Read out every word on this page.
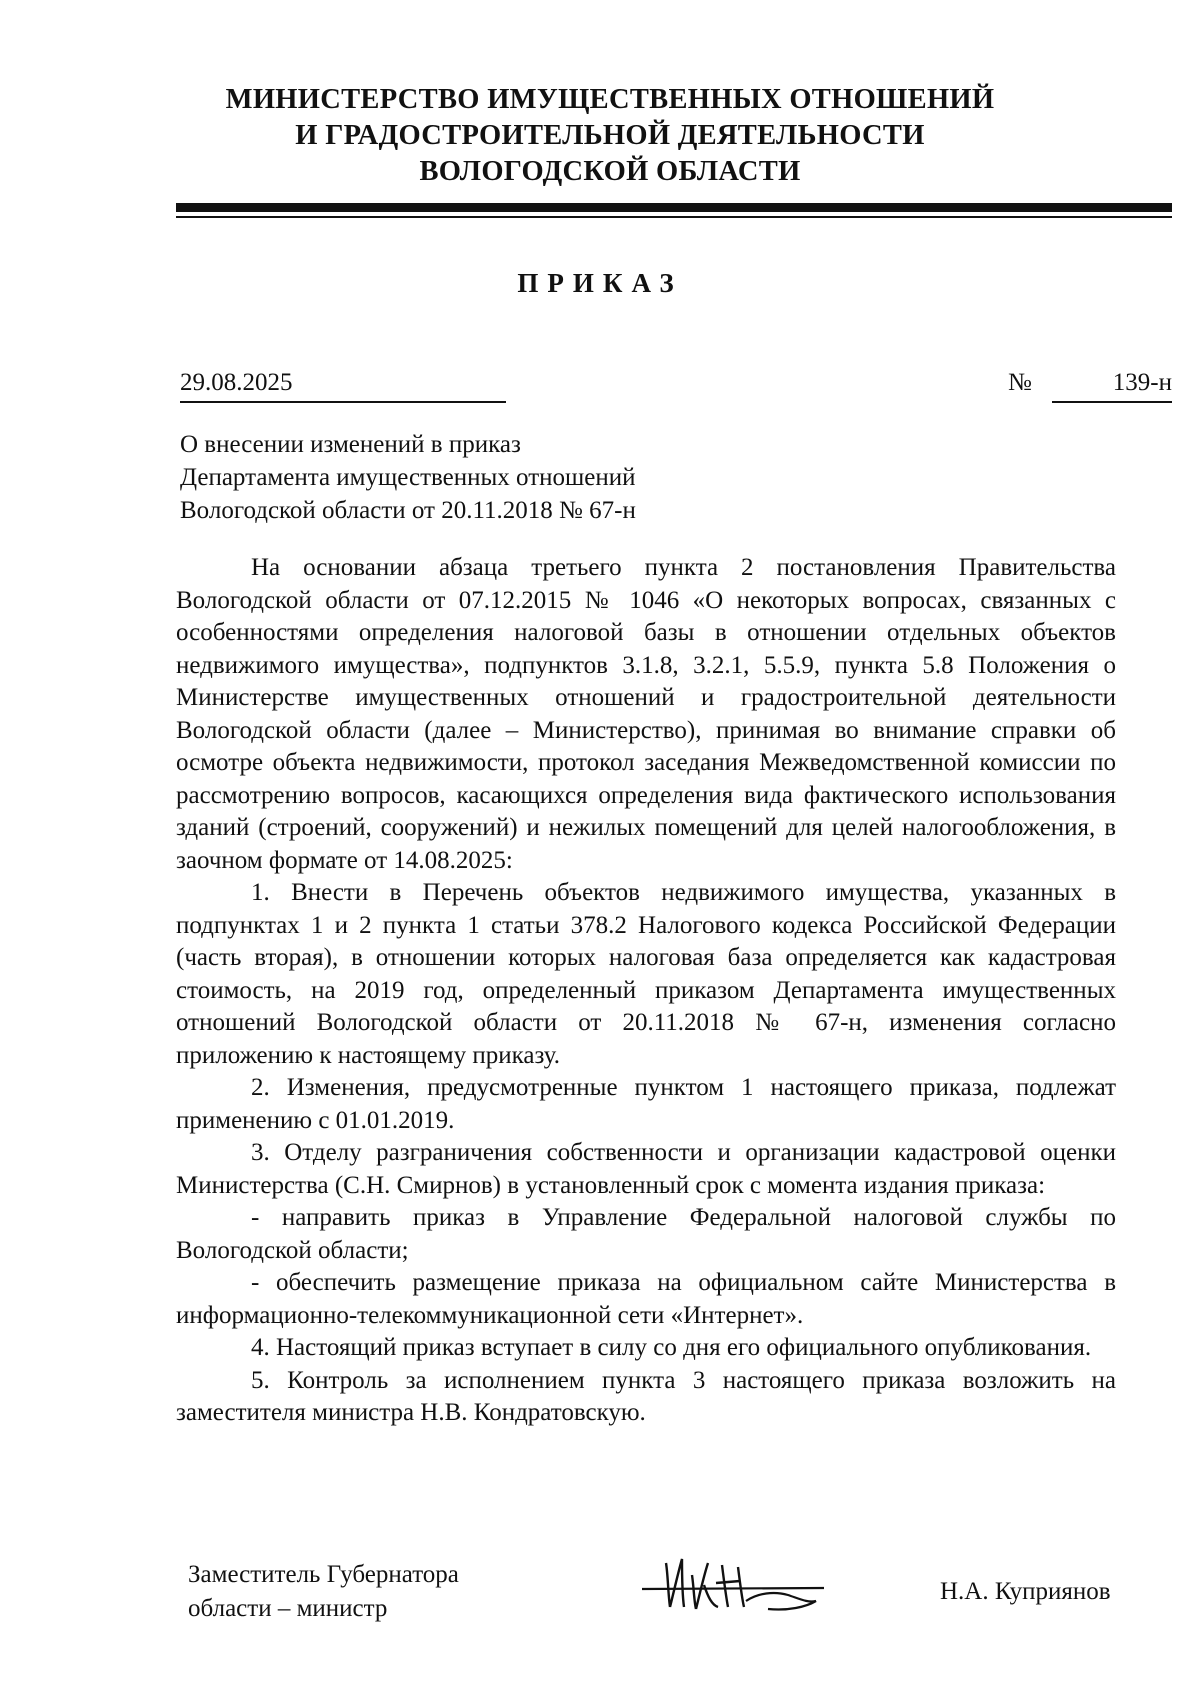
МИНИСТЕРСТВО ИМУЩЕСТВЕННЫХ ОТНОШЕНИЙ
И ГРАДОСТРОИТЕЛЬНОЙ ДЕЯТЕЛЬНОСТИ
ВОЛОГОДСКОЙ ОБЛАСТИ
ПРИКАЗ
29.08.2025	№	139-н
О внесении изменений в приказ
Департамента имущественных отношений
Вологодской области от 20.11.2018 № 67-н

На основании абзаца третьего пункта 2 постановления Правительства Вологодской области от 07.12.2015 № 1046 «О некоторых вопросах, связанных с особенностями определения налоговой базы в отношении отдельных объектов недвижимого имущества», подпунктов 3.1.8, 3.2.1, 5.5.9, пункта 5.8 Положения о Министерстве имущественных отношений и градостроительной деятельности Вологодской области (далее – Министерство), принимая во внимание справки об осмотре объекта недвижимости, протокол заседания Межведомственной комиссии по рассмотрению вопросов, касающихся определения вида фактического использования зданий (строений, сооружений) и нежилых помещений для целей налогообложения, в заочном формате от 14.08.2025:

1. Внести в Перечень объектов недвижимого имущества, указанных в подпунктах 1 и 2 пункта 1 статьи 378.2 Налогового кодекса Российской Федерации (часть вторая), в отношении которых налоговая база определяется как кадастровая стоимость, на 2019 год, определенный приказом Департамента имущественных отношений Вологодской области от 20.11.2018 № 67-н, изменения согласно приложению к настоящему приказу.

2. Изменения, предусмотренные пунктом 1 настоящего приказа, подлежат применению с 01.01.2019.

3. Отделу разграничения собственности и организации кадастровой оценки Министерства (С.Н. Смирнов) в установленный срок с момента издания приказа:

- направить приказ в Управление Федеральной налоговой службы по Вологодской области;

- обеспечить размещение приказа на официальном сайте Министерства в информационно-телекоммуникационной сети «Интернет».

4. Настоящий приказ вступает в силу со дня его официального опубликования.

5. Контроль за исполнением пункта 3 настоящего приказа возложить на заместителя министра Н.В. Кондратовскую.

Заместитель Губернатора
области – министр
Н.А. Куприянов
